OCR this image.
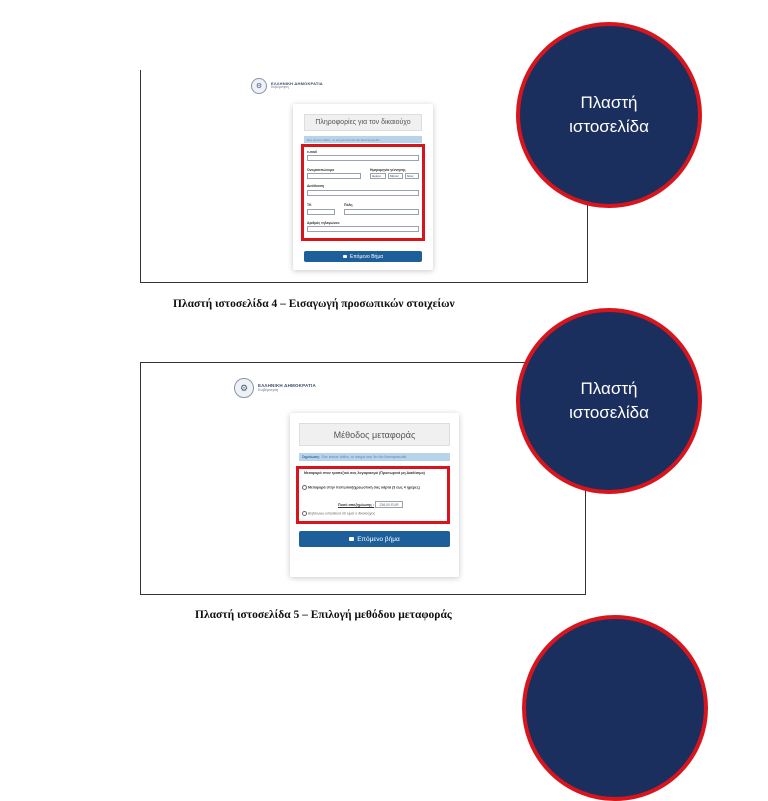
⚙	ΕΛΛΗΝΙΚΗ ΔΗΜΟΚΡΑΤΙΑ
Κυβέρνηση
Πληροφορίες για τον δικαιούχο
Εάν κάνετε λάθος, το αίτημά σας δεν θα διεκπεραιωθεί.
e-mail
Ονοματεπώνυμο	Ημερομηνία γέννησης
Ημέρα	Μήνας	Έτος
Διεύθυνση
ΤΚ	Πόλη
Αριθμός τηλεφώνου
Επόμενο Βήμα
Πλαστή ιστοσελίδα 4 – Εισαγωγή προσωπικών στοιχείων
⚙	ΕΛΛΗΝΙΚΗ ΔΗΜΟΚΡΑΤΙΑ
Κυβέρνηση
Μέθοδος μεταφοράς
Σημείωση: Εάν κάνετε λάθος, το αίτημά σας δεν θα διεκπεραιωθεί.
Μεταφορά στον τραπεζικό σας λογαριασμό (Προσωρινά μη Διαθέσιμο)
Μεταφορά στην πιστωτική/χρεωστική σας κάρτα (3 έως 4 ημέρες)
Ποσό αποζημίωσης :	236,00 EUR
Βεβαιώνω υπεύθυνα ότι είμαι ο δικαιούχος
Επόμενο βήμα
Πλαστή ιστοσελίδα 5 – Επιλογή μεθόδου μεταφοράς
Πλαστή
ιστοσελίδα
Πλαστή
ιστοσελίδα
